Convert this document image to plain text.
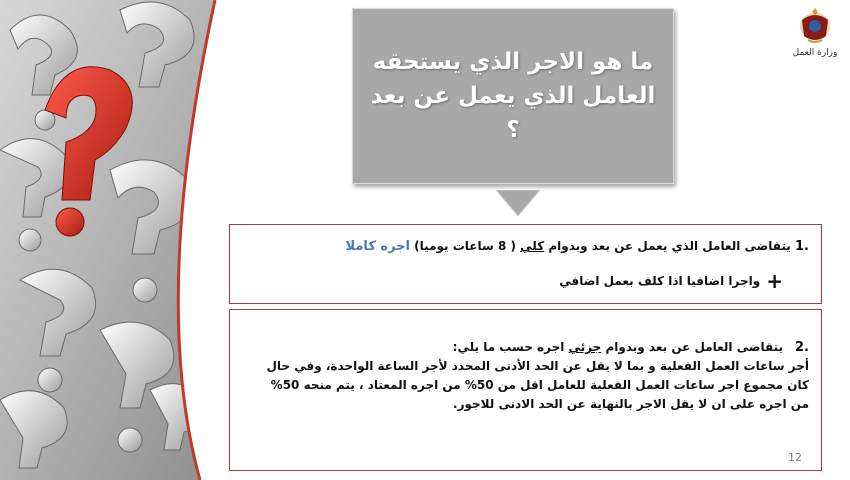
وزارة العمل
ما هو الاجر الذي يستحقه
العامل الذي يعمل عن بعد ؟
.1 يتقاضى العامل الذي يعمل عن بعد وبدوام كلي ( 8 ساعات يوميا) اجره كاملا
+واجرا اضافيا اذا كلف بعمل اضافي
.2يتقاضى العامل عن بعد وبدوام جزئي اجره حسب ما يلي:
أجر ساعات العمل الفعلية و بما لا يقل عن الحد الأدنى المحدد لأجر الساعة الواحدة، وفي حال كان مجموع اجر ساعات العمل الفعلية للعامل اقل من 50% من اجره المعتاد ، يتم منحه 50% من اجره على ان لا يقل الاجر بالنهاية عن الحد الادنى للاجور.
12
